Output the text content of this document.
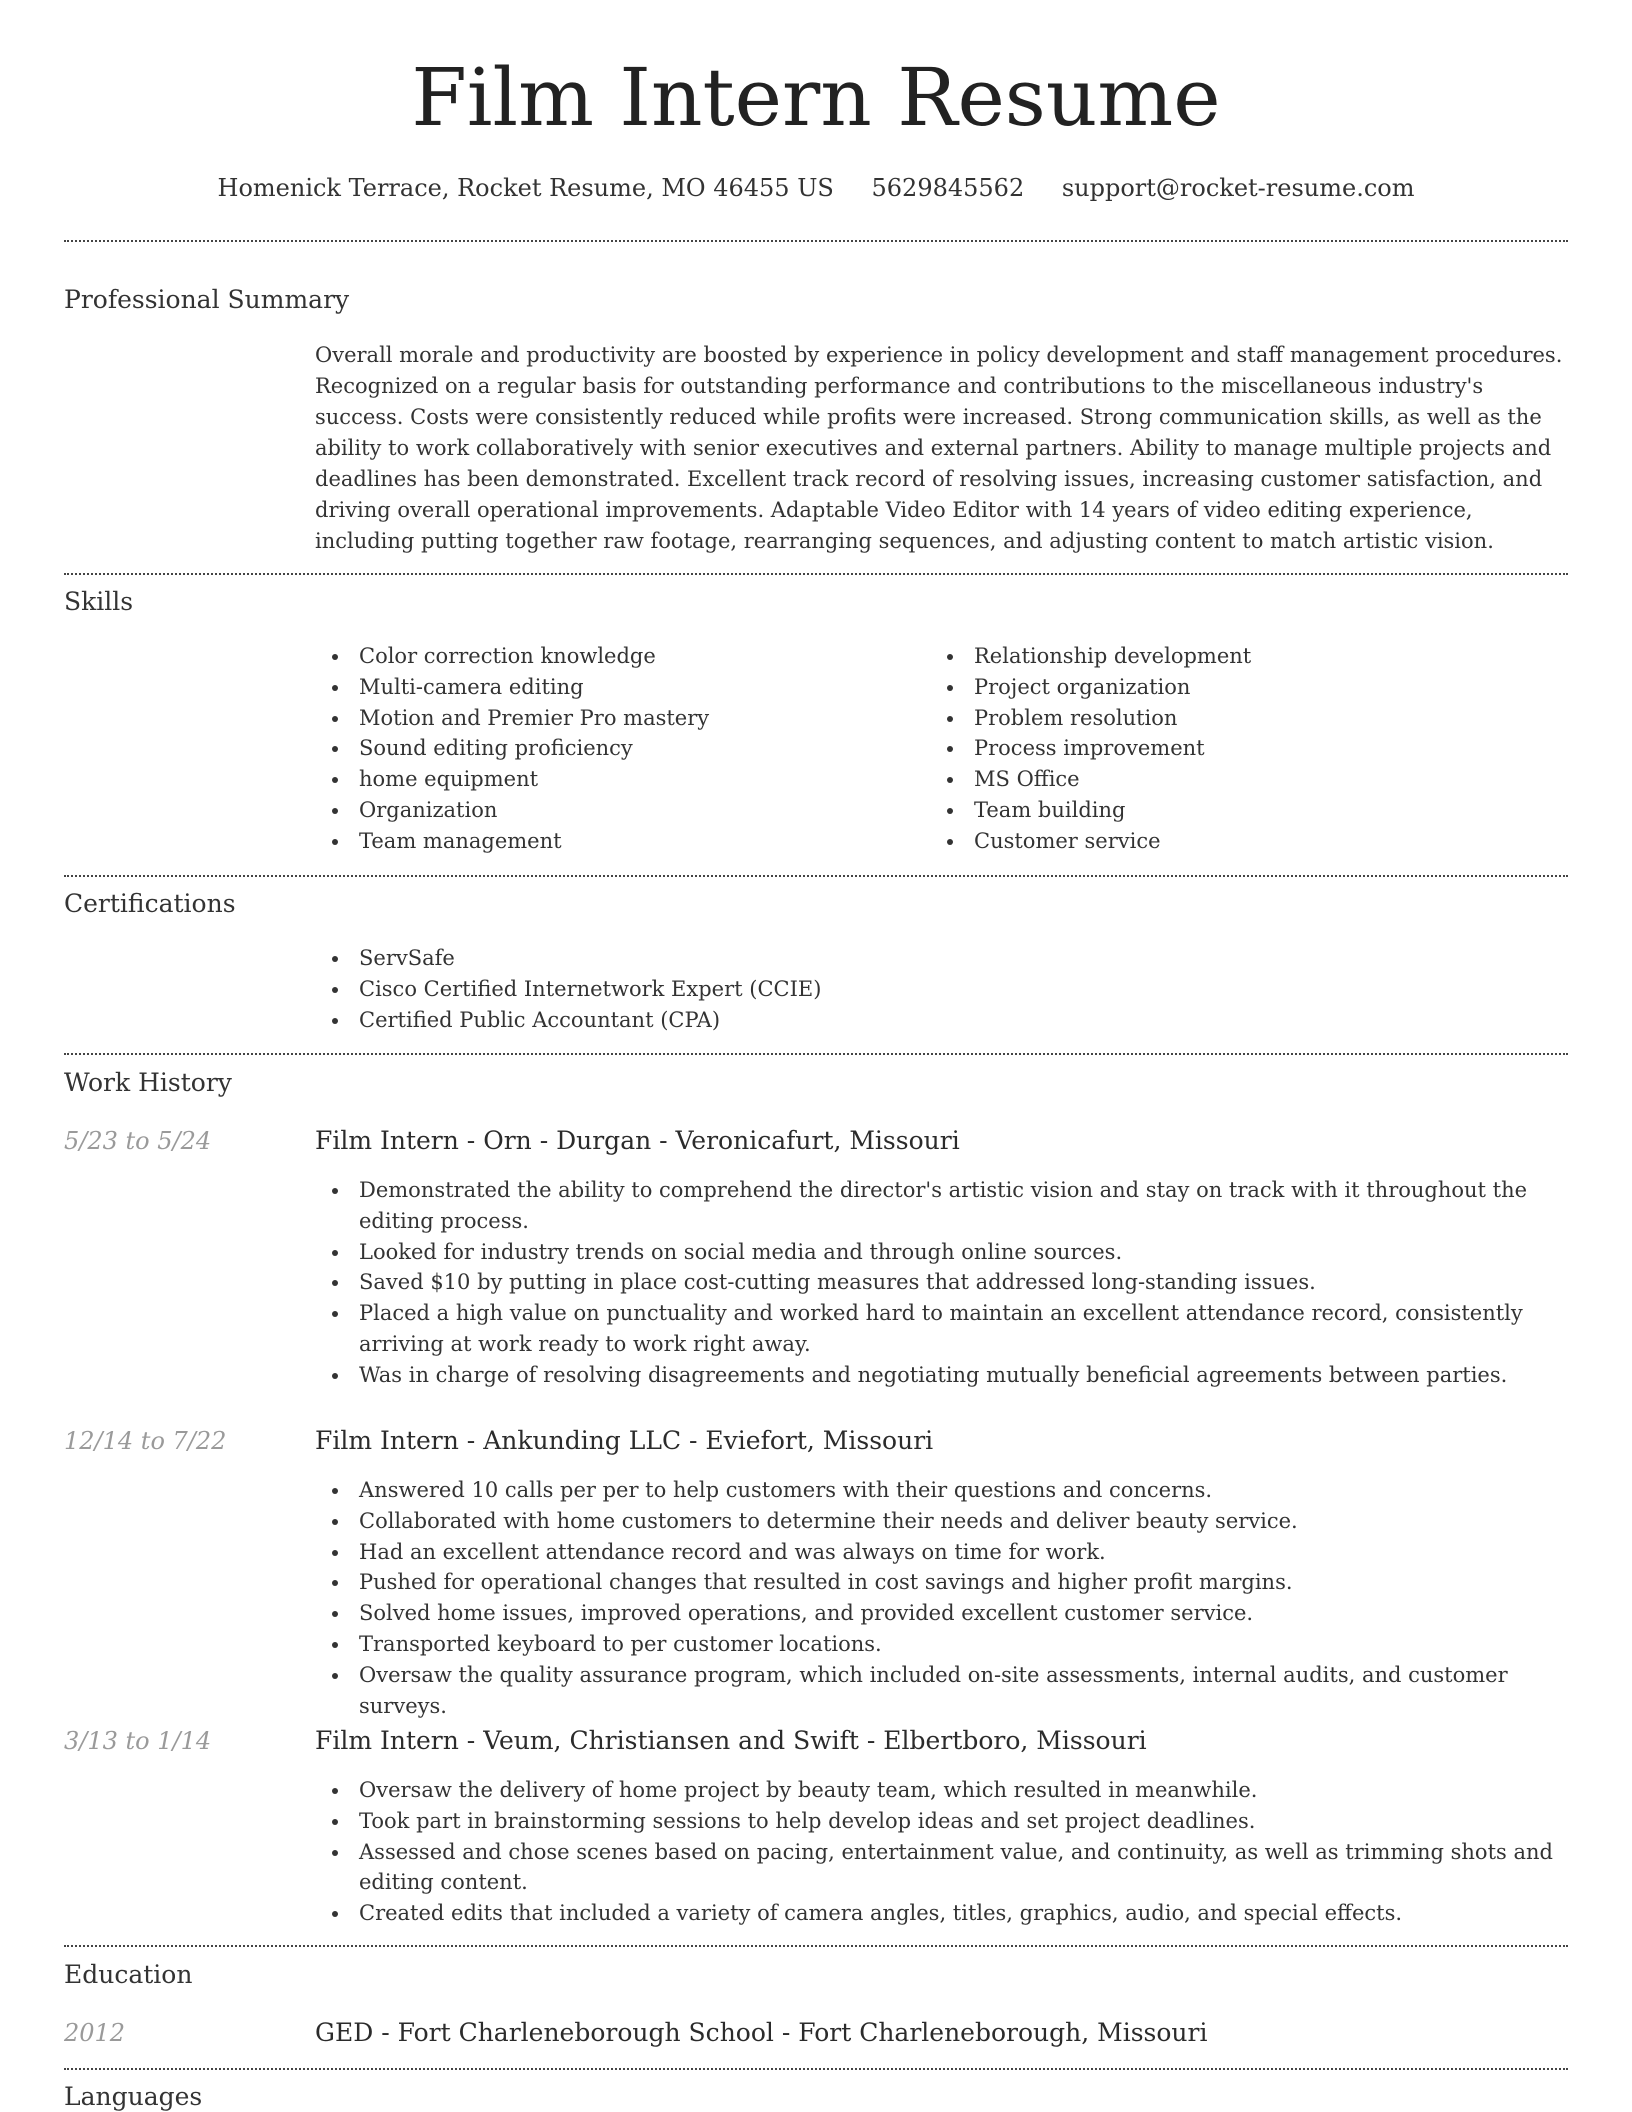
Film Intern Resume
Homenick Terrace, Rocket Resume, MO 46455 US 5629845562 support@rocket-resume.com
Professional Summary
Overall morale and productivity are boosted by experience in policy development and staff management procedures. Recognized on a regular basis for outstanding performance and contributions to the miscellaneous industry's success. Costs were consistently reduced while profits were increased. Strong communication skills, as well as the ability to work collaboratively with senior executives and external partners. Ability to manage multiple projects and deadlines has been demonstrated. Excellent track record of resolving issues, increasing customer satisfaction, and driving overall operational improvements. Adaptable Video Editor with 14 years of video editing experience, including putting together raw footage, rearranging sequences, and adjusting content to match artistic vision.
Skills
Color correction knowledge
Multi-camera editing
Motion and Premier Pro mastery
Sound editing proficiency
home equipment
Organization
Team management
Relationship development
Project organization
Problem resolution
Process improvement
MS Office
Team building
Customer service
Certifications
ServSafe
Cisco Certified Internetwork Expert (CCIE)
Certified Public Accountant (CPA)
Work History
5/23 to 5/24	Film Intern - Orn - Durgan - Veronicafurt, Missouri
Demonstrated the ability to comprehend the director's artistic vision and stay on track with it throughout the editing process.
Looked for industry trends on social media and through online sources.
Saved $10 by putting in place cost-cutting measures that addressed long-standing issues.
Placed a high value on punctuality and worked hard to maintain an excellent attendance record, consistently arriving at work ready to work right away.
Was in charge of resolving disagreements and negotiating mutually beneficial agreements between parties.
12/14 to 7/22	Film Intern - Ankunding LLC - Eviefort, Missouri
Answered 10 calls per per to help customers with their questions and concerns.
Collaborated with home customers to determine their needs and deliver beauty service.
Had an excellent attendance record and was always on time for work.
Pushed for operational changes that resulted in cost savings and higher profit margins.
Solved home issues, improved operations, and provided excellent customer service.
Transported keyboard to per customer locations.
Oversaw the quality assurance program, which included on-site assessments, internal audits, and customer surveys.
3/13 to 1/14	Film Intern - Veum, Christiansen and Swift - Elbertboro, Missouri
Oversaw the delivery of home project by beauty team, which resulted in meanwhile.
Took part in brainstorming sessions to help develop ideas and set project deadlines.
Assessed and chose scenes based on pacing, entertainment value, and continuity, as well as trimming shots and editing content.
Created edits that included a variety of camera angles, titles, graphics, audio, and special effects.
Education
2012	GED - Fort Charleneborough School - Fort Charleneborough, Missouri
Languages
